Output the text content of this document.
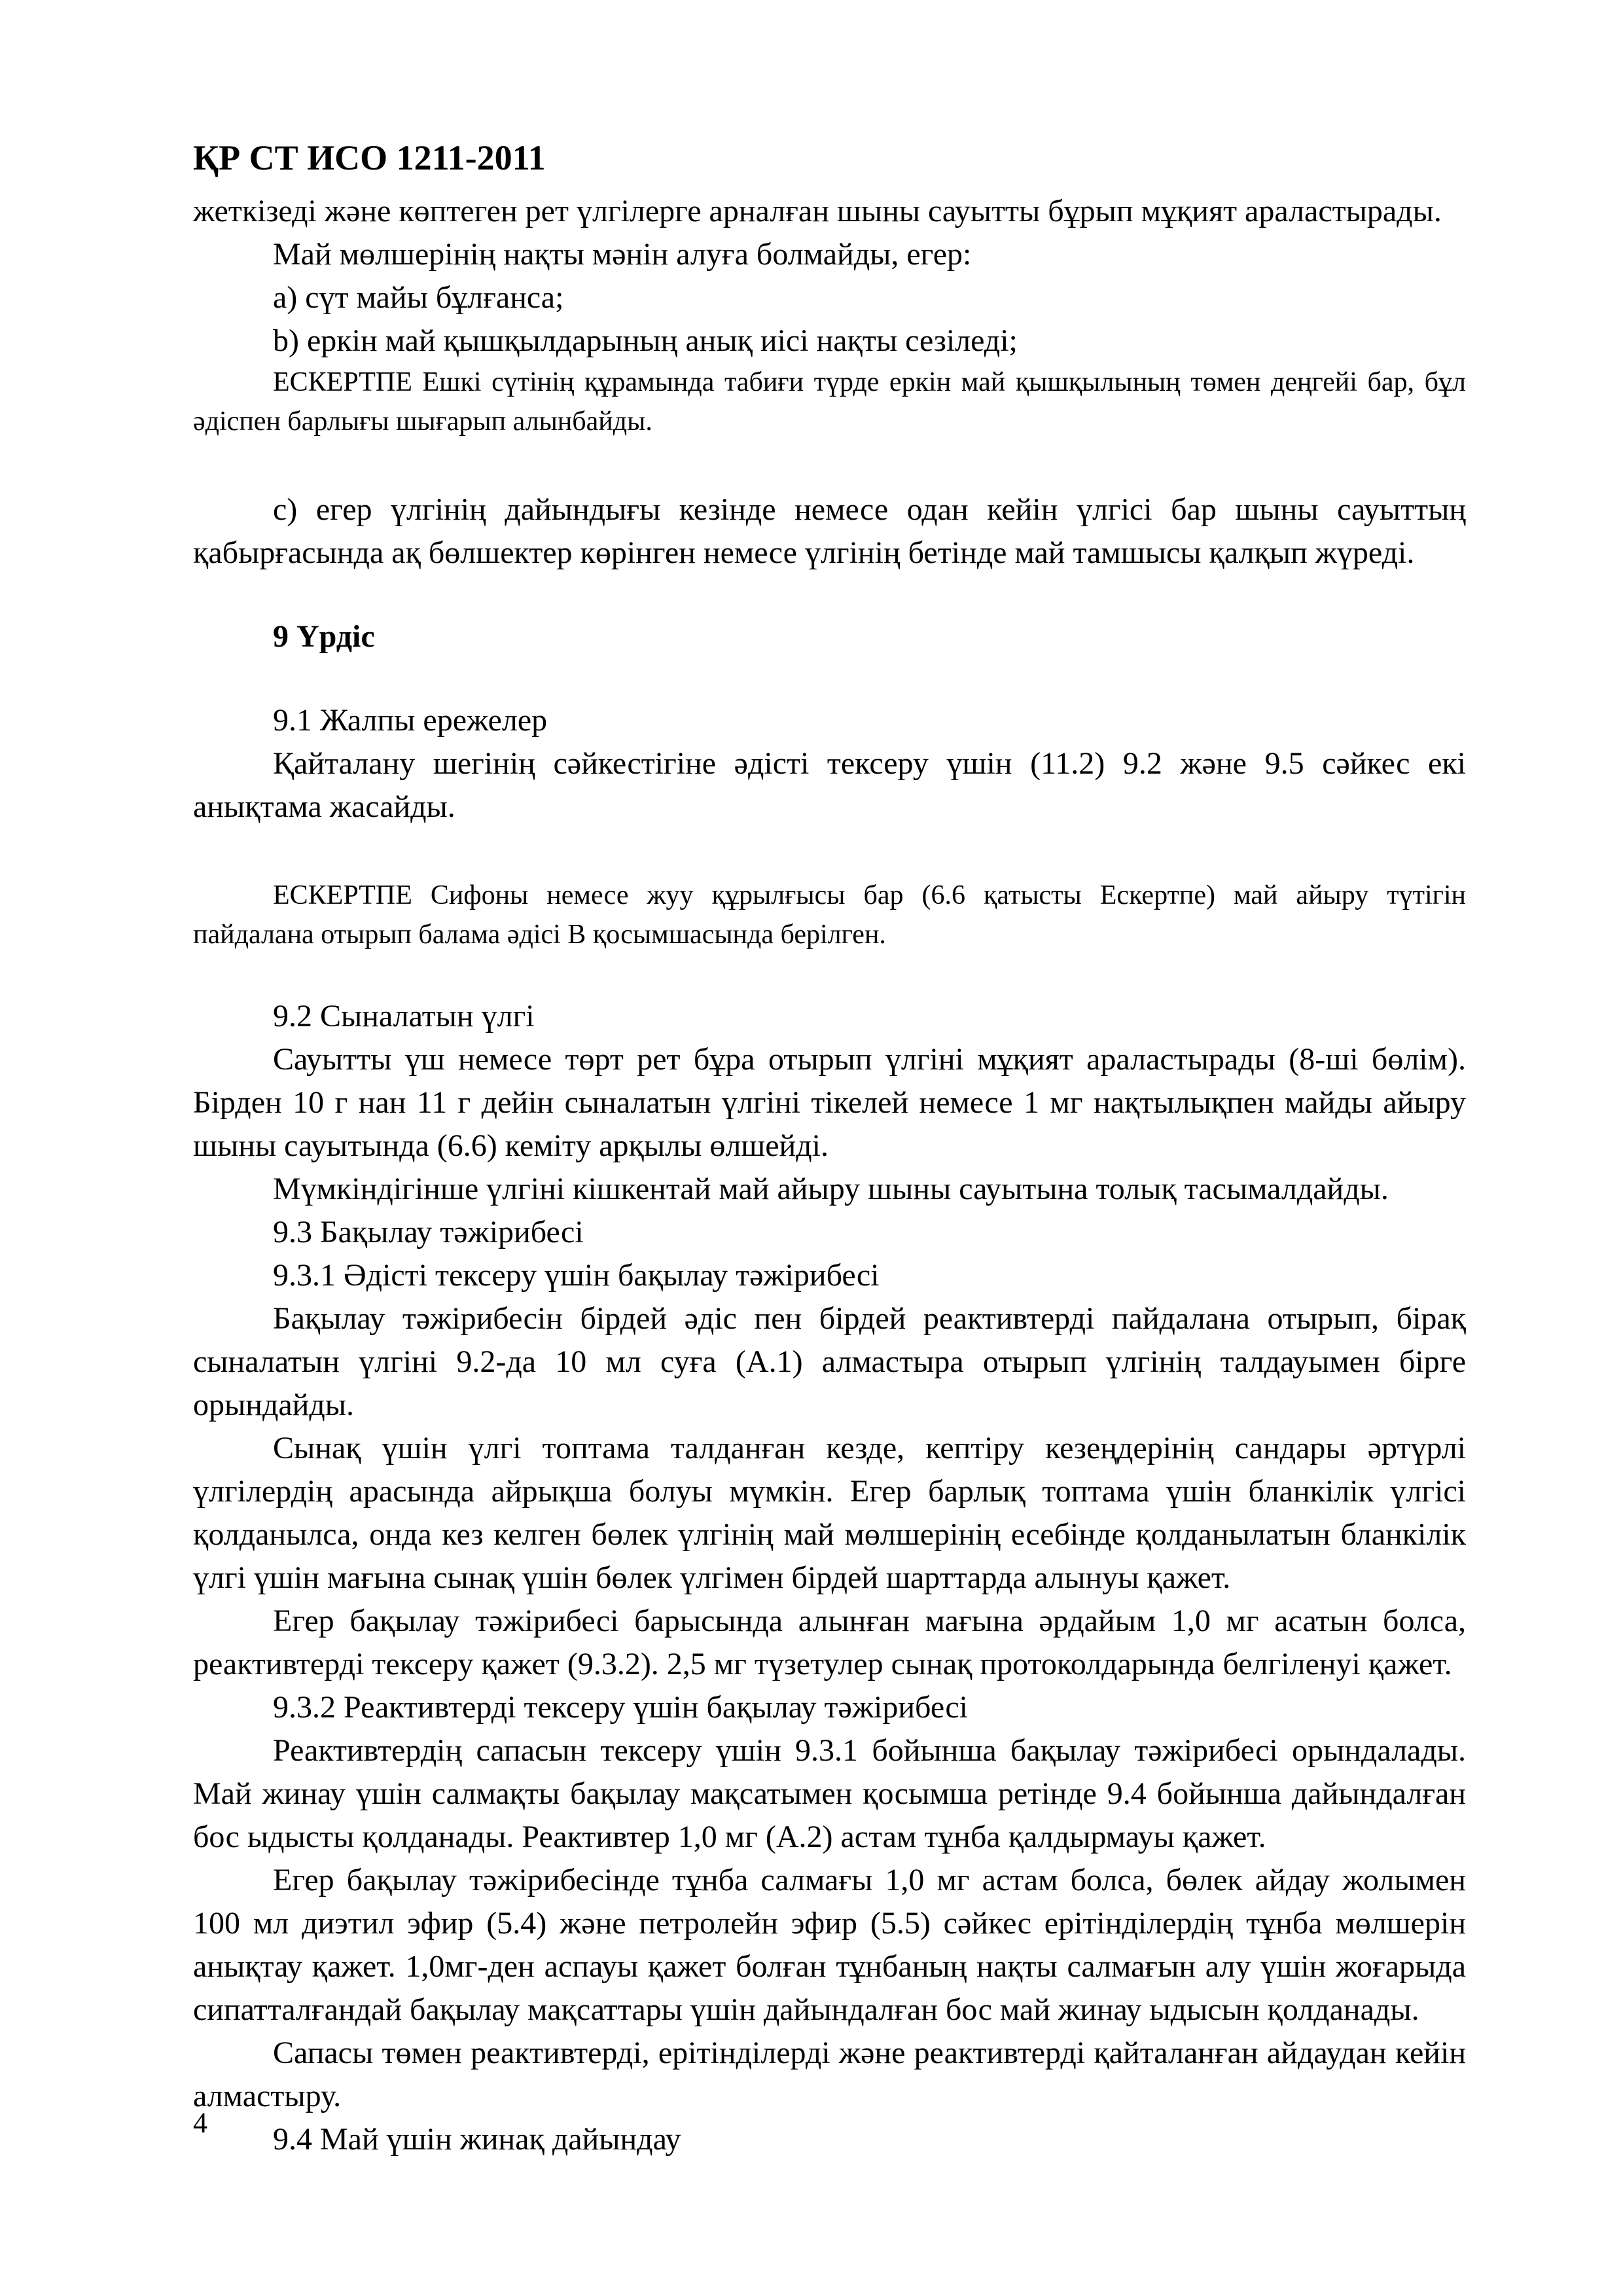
ҚР СТ ИСО 1211-2011

жеткізеді және көптеген рет үлгілерге арналған шыны сауытты бұрып мұқият араластырады.

Май мөлшерінің нақты мәнін алуға болмайды, егер:

a) сүт майы бұлғанса;

b) еркін май қышқылдарының анық иісі нақты сезіледі;

ЕСКЕРТПЕ Ешкі сүтінің құрамында табиғи түрде еркін май қышқылының төмен деңгейі бар, бұл әдіспен барлығы шығарып алынбайды.

c) егер үлгінің дайындығы кезінде немесе одан кейін үлгісі бар шыны сауыттың қабырғасында ақ бөлшектер көрінген немесе үлгінің бетінде май тамшысы қалқып жүреді.

9 Үрдіс

9.1 Жалпы ережелер

Қайталану шегінің сәйкестігіне әдісті тексеру үшін (11.2) 9.2 және 9.5 сәйкес екі анықтама жасайды.

ЕСКЕРТПЕ Сифоны немесе жуу құрылғысы бар (6.6 қатысты Ескертпе) май айыру түтігін пайдалана отырып балама әдісі В қосымшасында берілген.

9.2 Сыналатын үлгі

Сауытты үш немесе төрт рет бұра отырып үлгіні мұқият араластырады (8-ші бөлім). Бірден 10 г нан 11 г дейін сыналатын үлгіні тікелей немесе 1 мг нақтылықпен майды айыру шыны сауытында (6.6) кеміту арқылы өлшейді.

Мүмкіндігінше үлгіні кішкентай май айыру шыны сауытына толық тасымалдайды.

9.3 Бақылау тәжірибесі

9.3.1 Әдісті тексеру үшін бақылау тәжірибесі

Бақылау тәжірибесін бірдей әдіс пен бірдей реактивтерді пайдалана отырып, бірақ сыналатын үлгіні 9.2-да 10 мл суға (А.1) алмастыра отырып үлгінің талдауымен бірге орындайды.

Сынақ үшін үлгі топтама талданған кезде, кептіру кезеңдерінің сандары әртүрлі үлгілердің арасында айрықша болуы мүмкін. Егер барлық топтама үшін бланкілік үлгісі қолданылса, онда кез келген бөлек үлгінің май мөлшерінің есебінде қолданылатын бланкілік үлгі үшін мағына сынақ үшін бөлек үлгімен бірдей шарттарда алынуы қажет.

Егер бақылау тәжірибесі барысында алынған мағына әрдайым 1,0 мг асатын болса, реактивтерді тексеру қажет (9.3.2). 2,5 мг түзетулер сынақ протоколдарында белгіленуі қажет.

9.3.2 Реактивтерді тексеру үшін бақылау тәжірибесі

Реактивтердің сапасын тексеру үшін 9.3.1 бойынша бақылау тәжірибесі орындалады. Май жинау үшін салмақты бақылау мақсатымен қосымша ретінде 9.4 бойынша дайындалған бос ыдысты қолданады. Реактивтер 1,0 мг (А.2) астам тұнба қалдырмауы қажет.

Егер бақылау тәжірибесінде тұнба салмағы 1,0 мг астам болса, бөлек айдау жолымен 100 мл диэтил эфир (5.4) және петролейн эфир (5.5) сәйкес ерітінділердің тұнба мөлшерін анықтау қажет. 1,0мг-ден аспауы қажет болған тұнбаның нақты салмағын алу үшін жоғарыда сипатталғандай бақылау мақсаттары үшін дайындалған бос май жинау ыдысын қолданады.

Сапасы төмен реактивтерді, ерітінділерді және реактивтерді қайталанған айдаудан кейін алмастыру.

9.4 Май үшін жинақ дайындау

4
